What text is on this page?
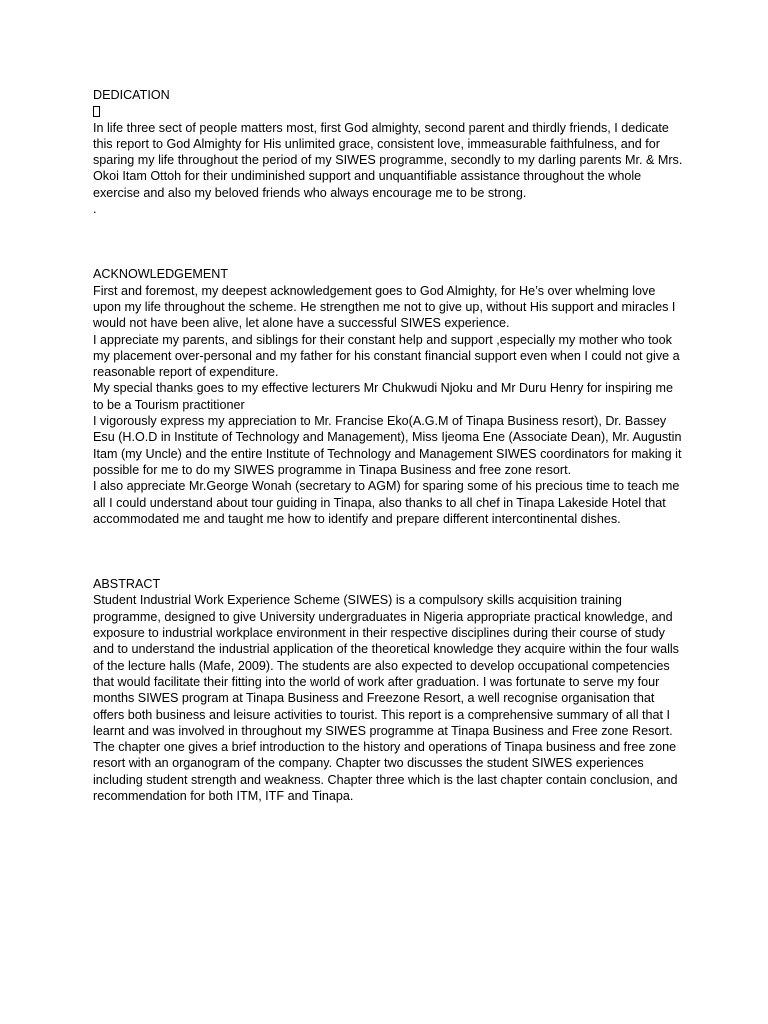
DEDICATION

In life three sect of people matters most, first God almighty, second parent and thirdly friends, I dedicate this report to God Almighty for His unlimited grace, consistent love, immeasurable faithfulness, and for sparing my life throughout the period of my SIWES programme, secondly to my darling parents Mr. & Mrs. Okoi Itam Ottoh for their undiminished support and unquantifiable assistance throughout the whole exercise and also my beloved friends who always encourage me to be strong.

.

ACKNOWLEDGEMENT

First and foremost, my deepest acknowledgement goes to God Almighty, for He’s over whelming love upon my life throughout the scheme. He strengthen me not to give up, without His support and miracles I would not have been alive, let alone have a successful SIWES experience.

I appreciate my parents, and siblings for their constant help and support ,especially my mother who took my placement over-personal and my father for his constant financial support even when I could not give a reasonable report of expenditure.

My special thanks goes to my effective lecturers Mr Chukwudi Njoku and Mr Duru Henry for inspiring me to be a Tourism practitioner

I vigorously express my appreciation to Mr. Francise Eko(A.G.M of Tinapa Business resort), Dr. Bassey Esu (H.O.D in Institute of Technology and Management), Miss Ijeoma Ene (Associate Dean), Mr. Augustin Itam (my Uncle) and the entire Institute of Technology and Management SIWES coordinators for making it possible for me to do my SIWES programme in Tinapa Business and free zone resort.

I also appreciate Mr.George Wonah (secretary to AGM) for sparing some of his precious time to teach me all I could understand about tour guiding in Tinapa, also thanks to all chef in Tinapa Lakeside Hotel that accommodated me and taught me how to identify and prepare different intercontinental dishes.

ABSTRACT

Student Industrial Work Experience Scheme (SIWES) is a compulsory skills acquisition training programme, designed to give University undergraduates in Nigeria appropriate practical knowledge, and exposure to industrial workplace environment in their respective disciplines during their course of study and to understand the industrial application of the theoretical knowledge they acquire within the four walls of the lecture halls (Mafe, 2009). The students are also expected to develop occupational competencies that would facilitate their fitting into the world of work after graduation. I was fortunate to serve my four months SIWES program at Tinapa Business and Freezone Resort, a well recognise organisation that offers both business and leisure activities to tourist. This report is a comprehensive summary of all that I learnt and was involved in throughout my SIWES programme at Tinapa Business and Free zone Resort.

The chapter one gives a brief introduction to the history and operations of Tinapa business and free zone resort with an organogram of the company. Chapter two discusses the student SIWES experiences including student strength and weakness. Chapter three which is the last chapter contain conclusion, and recommendation for both ITM, ITF and Tinapa.
